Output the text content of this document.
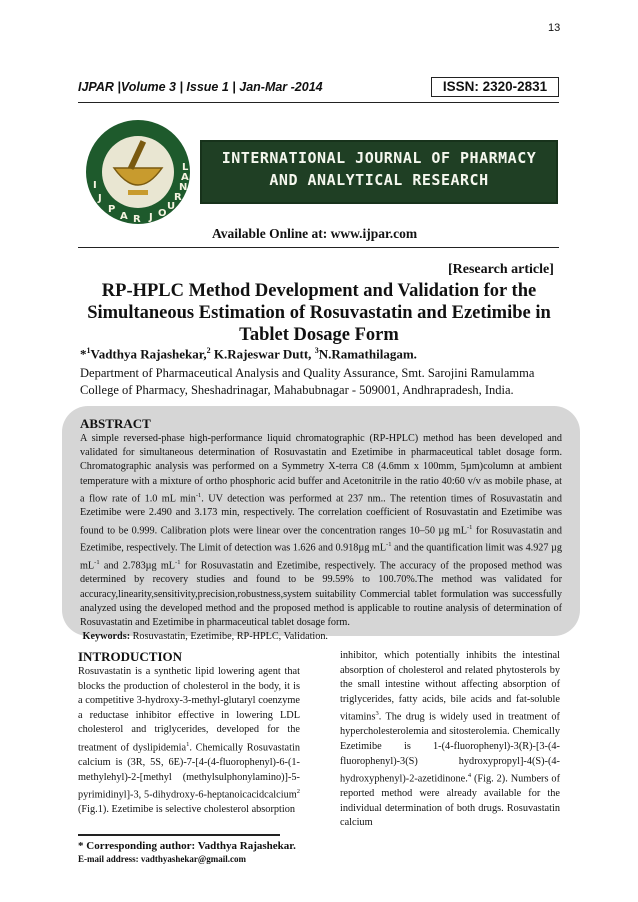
13
IJPAR |Volume 3 | Issue 1 | Jan-Mar -2014	ISSN: 2320-2831
I
J
P
A R J O
U
R
N
A
L
INTERNATIONAL JOURNAL OF PHARMACY
AND ANALYTICAL RESEARCH
Available Online at: www.ijpar.com
[Research article]
RP-HPLC Method Development and Validation for the Simultaneous Estimation of Rosuvastatin and Ezetimibe in Tablet Dosage Form
*$^1$Vadthya Rajashekar,$^2$ K.Rajeswar Dutt, $^3$N.Ramathilagam.
Department of Pharmaceutical Analysis and Quality Assurance, Smt. Sarojini Ramulamma College of Pharmacy, Sheshadrinagar, Mahabubnagar - 509001, Andhrapradesh, India.
ABSTRACT
A simple reversed-phase high-performance liquid chromatographic (RP-HPLC) method has been developed and validated for simultaneous determination of Rosuvastatin and Ezetimibe in pharmaceutical tablet dosage form. Chromatographic analysis was performed on a Symmetry X-terra C8 (4.6mm x 100mm, 5µm)column at ambient temperature with a mixture of ortho phosphoric acid buffer and Acetonitrile in the ratio 40:60 v/v as mobile phase, at a flow rate of 1.0 mL $\min^{-1}$. UV detection was performed at 237 nm.. The retention times of Rosuvastatin and Ezetimibe were 2.490 and 3.173 min, respectively. The correlation coefficient of Rosuvastatin and Ezetimibe was found to be 0.999. Calibration plots were linear over the concentration ranges 10–50 µg $mL^{-1}$ for Rosuvastatin and Ezetimibe, respectively. The Limit of detection was 1.626 and 0.918µg $mL^{-1}$ and the quantification limit was 4.927 µg $mL^{-1}$ and 2.783µg $mL^{-1}$ for Rosuvastatin and Ezetimibe, respectively. The accuracy of the proposed method was determined by recovery studies and found to be 99.59% to 100.70%.The method was validated for accuracy,linearity,sensitivity,precision,robustness,system suitability Commercial tablet formulation was successfully analyzed using the developed method and the proposed method is applicable to routine analysis of determination of Rosuvastatin and Ezetimibe in pharmaceutical tablet dosage form.
Keywords: Rosuvastatin, Ezetimibe, RP-HPLC, Validation.
INTRODUCTION
Rosuvastatin is a synthetic lipid lowering agent that blocks the production of cholesterol in the body, it is a competitive 3-hydroxy-3-methyl-glutaryl coenzyme a reductase inhibitor effective in lowering LDL cholesterol and triglycerides, developed for the treatment of dyslipidemia$^1$. Chemically Rosuvastatin calcium is (3R, 5S, 6E)-7-[4-(4-fluorophenyl)-6-(1-methylehyl)-2-[methyl (methylsulphonylamino)]-5- pyrimidinyl]-3, 5-dihydroxy-6-heptanoicacidcalcium$^2$ (Fig.1). Ezetimibe is selective cholesterol absorption
inhibitor, which potentially inhibits the intestinal absorption of cholesterol and related phytosterols by the small intestine without affecting absorption of triglycerides, fatty acids, bile acids and fat-soluble vitamins$^3$. The drug is widely used in treatment of hypercholesterolemia and sitosterolemia. Chemically Ezetimibe is 1-(4-fluorophenyl)-3(R)-[3-(4-fluorophenyl)-3(S) hydroxypropyl]-4(S)-(4-hydroxyphenyl)-2-azetidinone.$^4$ (Fig. 2). Numbers of reported method were already available for the individual determination of both drugs. Rosuvastatin calcium
* Corresponding author: Vadthya Rajashekar.
E-mail address: vadthyashekar@gmail.com
